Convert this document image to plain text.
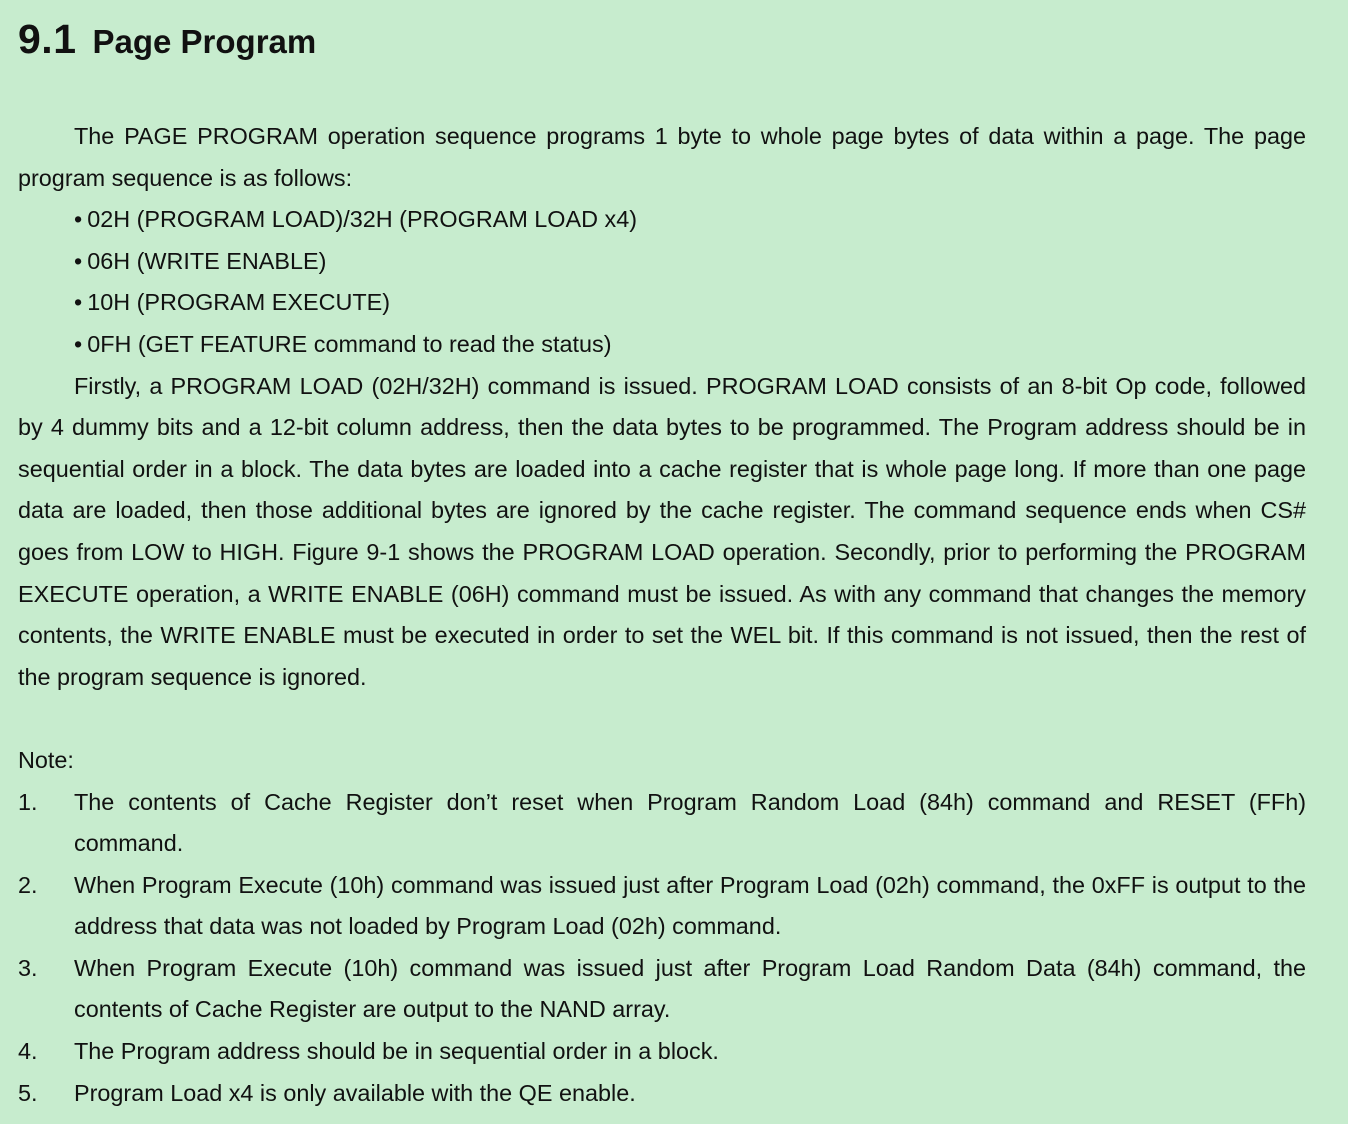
9.1 Page Program

The PAGE PROGRAM operation sequence programs 1 byte to whole page bytes of data within a page. The page program sequence is as follows:

• 02H (PROGRAM LOAD)/32H (PROGRAM LOAD x4)
• 06H (WRITE ENABLE)
• 10H (PROGRAM EXECUTE)
• 0FH (GET FEATURE command to read the status)

Firstly, a PROGRAM LOAD (02H/32H) command is issued. PROGRAM LOAD consists of an 8-bit Op code, followed by 4 dummy bits and a 12-bit column address, then the data bytes to be programmed. The Program address should be in sequential order in a block. The data bytes are loaded into a cache register that is whole page long. If more than one page data are loaded, then those additional bytes are ignored by the cache register. The command sequence ends when CS# goes from LOW to HIGH. Figure 9-1 shows the PROGRAM LOAD operation. Secondly, prior to performing the PROGRAM EXECUTE operation, a WRITE ENABLE (06H) command must be issued. As with any command that changes the memory contents, the WRITE ENABLE must be executed in order to set the WEL bit. If this command is not issued, then the rest of the program sequence is ignored.

Note:
1.	The contents of Cache Register don’t reset when Program Random Load (84h) command and RESET (FFh) command.
2.	When Program Execute (10h) command was issued just after Program Load (02h) command, the 0xFF is output to the address that data was not loaded by Program Load (02h) command.
3.	When Program Execute (10h) command was issued just after Program Load Random Data (84h) command, the contents of Cache Register are output to the NAND array.
4.	The Program address should be in sequential order in a block.
5.	Program Load x4 is only available with the QE enable.
